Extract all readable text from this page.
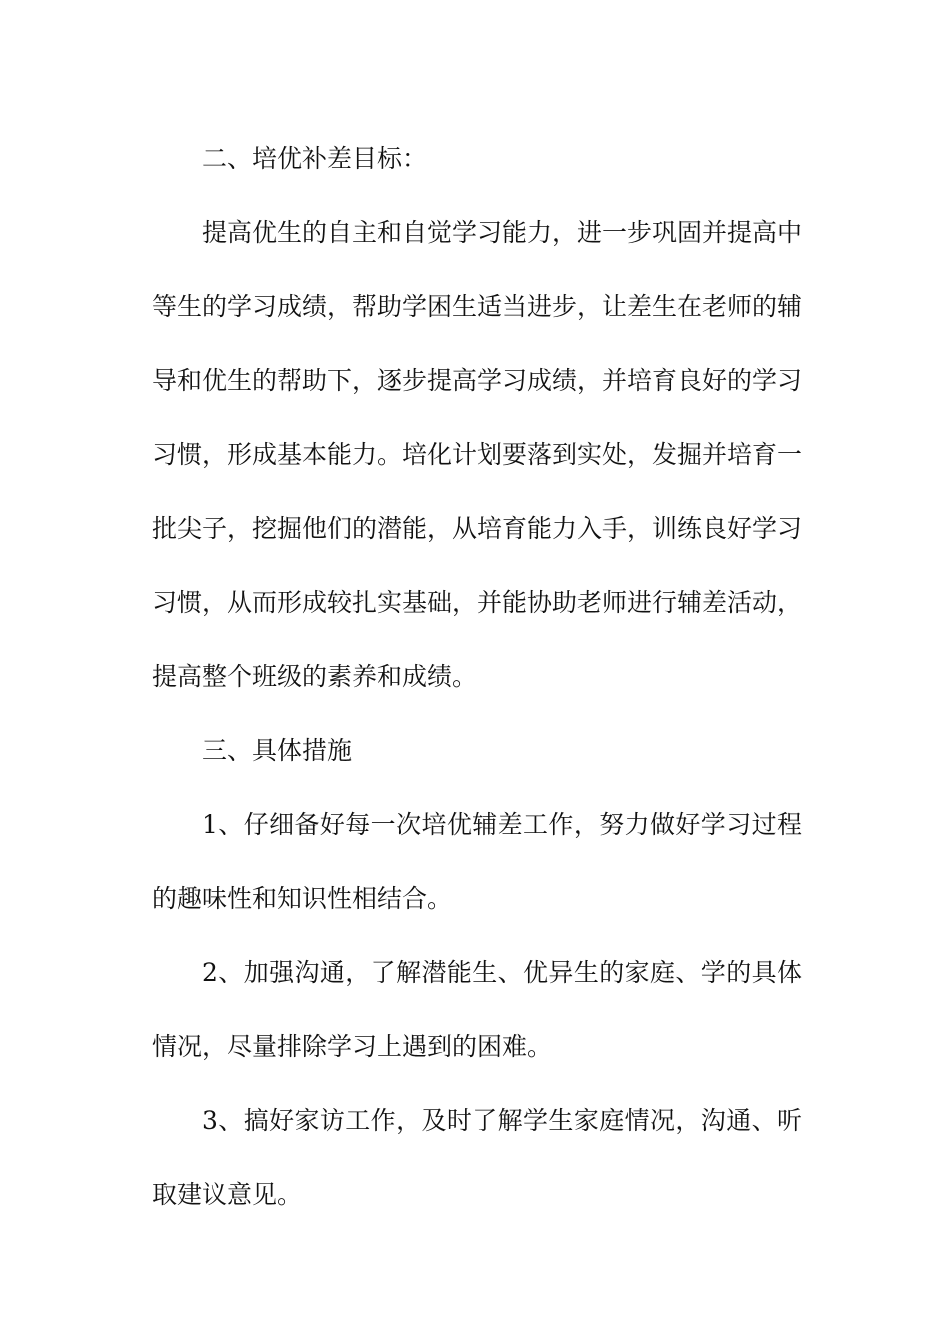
二、培优补差目标：

提高优生的自主和自觉学习能力，进一步巩固并提高中等生的学习成绩，帮助学困生适当进步，让差生在老师的辅导和优生的帮助下，逐步提高学习成绩，并培育良好的学习习惯，形成基本能力。培化计划要落到实处，发掘并培育一批尖子，挖掘他们的潜能，从培育能力入手，训练良好学习习惯，从而形成较扎实基础，并能协助老师进行辅差活动，提高整个班级的素养和成绩。

三、具体措施

1、仔细备好每一次培优辅差工作，努力做好学习过程的趣味性和知识性相结合。

2、加强沟通，了解潜能生、优异生的家庭、学的具体情况，尽量排除学习上遇到的困难。

3、搞好家访工作，及时了解学生家庭情况，沟通、听取建议意见。
